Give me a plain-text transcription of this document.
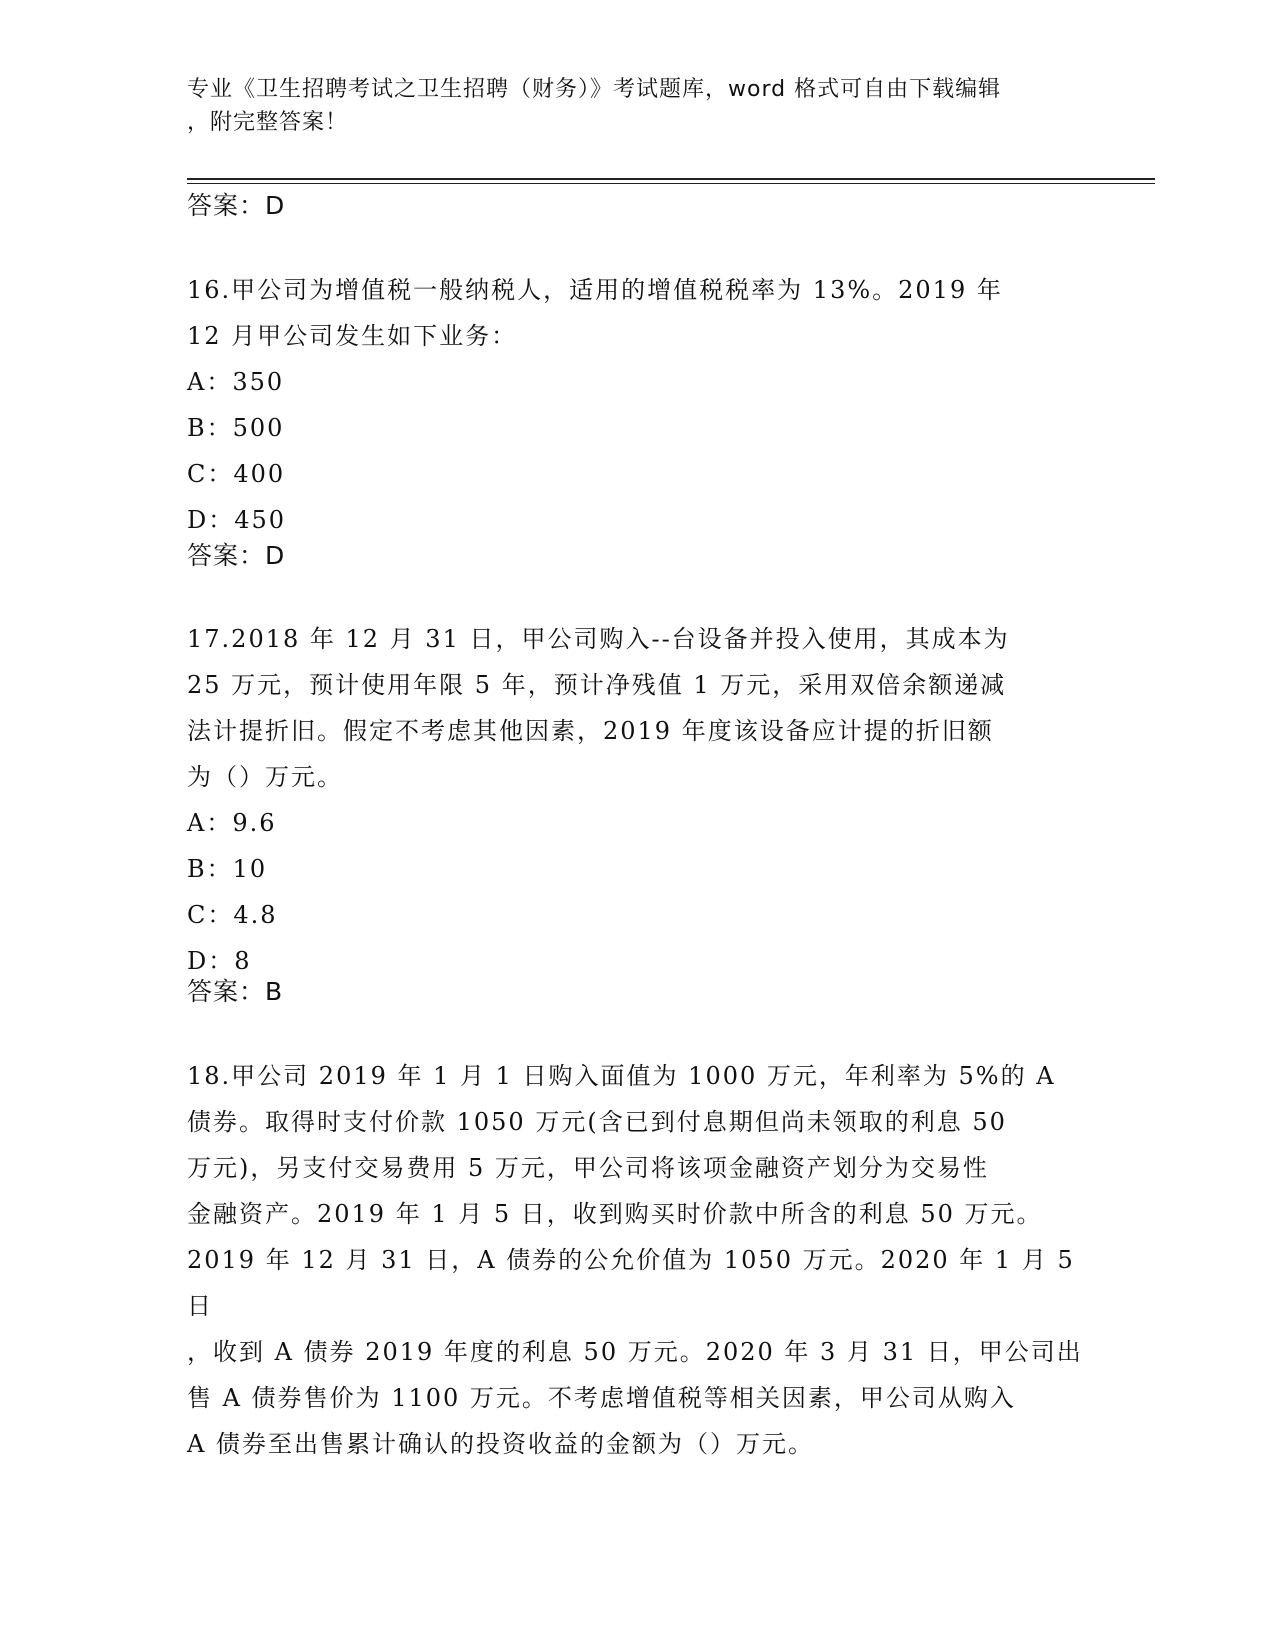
专业《卫生招聘考试之卫生招聘（财务）》考试题库，word 格式可自由下载编辑
，附完整答案！
答案：D

16.甲公司为增值税一般纳税人，适用的增值税税率为 13%。2019 年

12 月甲公司发生如下业务：

A：350
B：500
C：400
D：450
答案：D

17.2018 年 12 月 31 日，甲公司购入--台设备并投入使用，其成本为

25 万元，预计使用年限 5 年，预计净残值 1 万元，采用双倍余额递减

法计提折旧。假定不考虑其他因素，2019 年度该设备应计提的折旧额

为（）万元。

A：9.6
B：10
C：4.8
D：8
答案：B

18.甲公司 2019 年 1 月 1 日购入面值为 1000 万元，年利率为 5%的 A

债券。取得时支付价款 1050 万元(含已到付息期但尚未领取的利息 50

万元)，另支付交易费用 5 万元，甲公司将该项金融资产划分为交易性

金融资产。2019 年 1 月 5 日，收到购买时价款中所含的利息 50 万元。

2019 年 12 月 31 日，A 债券的公允价值为 1050 万元。2020 年 1 月 5 日

，收到 A 债券 2019 年度的利息 50 万元。2020 年 3 月 31 日，甲公司出

售 A 债券售价为 1100 万元。不考虑增值税等相关因素，甲公司从购入

A 债券至出售累计确认的投资收益的金额为（）万元。
